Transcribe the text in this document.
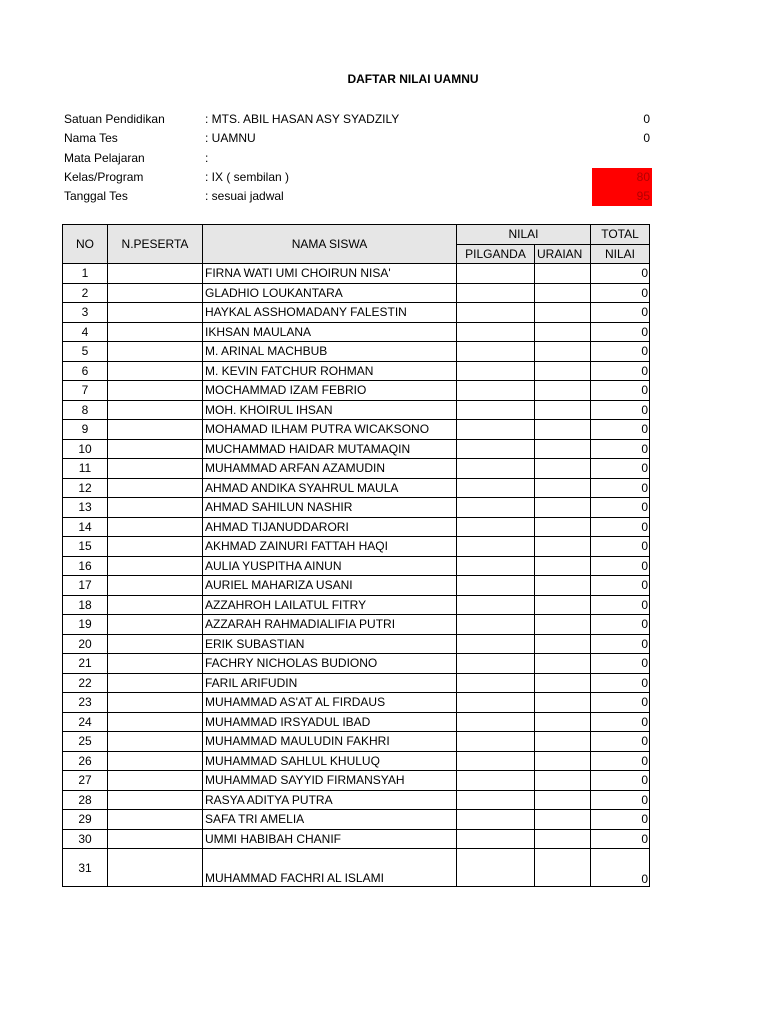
DAFTAR NILAI UAMNU
Satuan Pendidikan	: MTS. ABIL HASAN ASY SYADZILY	0
Nama Tes	: UAMNU	0
Mata Pelajaran	:
Kelas/Program	: IX ( sembilan )	80
Tanggal Tes	: sesuai jadwal	95
NO	N.PESERTA	NAMA SISWA	NILAI		TOTAL
			PILGANDA	URAIAN	NILAI
1		FIRNA WATI UMI CHOIRUN NISA'			0
2		GLADHIO LOUKANTARA			0
3		HAYKAL ASSHOMADANY FALESTIN			0
4		IKHSAN MAULANA			0
5		M. ARINAL MACHBUB			0
6		M. KEVIN FATCHUR ROHMAN			0
7		MOCHAMMAD IZAM FEBRIO			0
8		MOH. KHOIRUL IHSAN			0
9		MOHAMAD ILHAM PUTRA WICAKSONO			0
10		MUCHAMMAD HAIDAR MUTAMAQIN			0
11		MUHAMMAD ARFAN AZAMUDIN			0
12		AHMAD ANDIKA SYAHRUL MAULA			0
13		AHMAD SAHILUN NASHIR			0
14		AHMAD TIJANUDDARORI			0
15		AKHMAD ZAINURI FATTAH HAQI			0
16		AULIA YUSPITHA AINUN			0
17		AURIEL MAHARIZA USANI			0
18		AZZAHROH LAILATUL FITRY			0
19		AZZARAH RAHMADIALIFIA PUTRI			0
20		ERIK SUBASTIAN			0
21		FACHRY NICHOLAS BUDIONO			0
22		FARIL ARIFUDIN			0
23		MUHAMMAD AS'AT AL FIRDAUS			0
24		MUHAMMAD IRSYADUL IBAD			0
25		MUHAMMAD MAULUDIN FAKHRI			0
26		MUHAMMAD SAHLUL KHULUQ			0
27		MUHAMMAD SAYYID FIRMANSYAH			0
28		RASYA ADITYA PUTRA			0
29		SAFA TRI AMELIA			0
30		UMMI HABIBAH CHANIF			0
31		MUHAMMAD FACHRI AL ISLAMI			0
